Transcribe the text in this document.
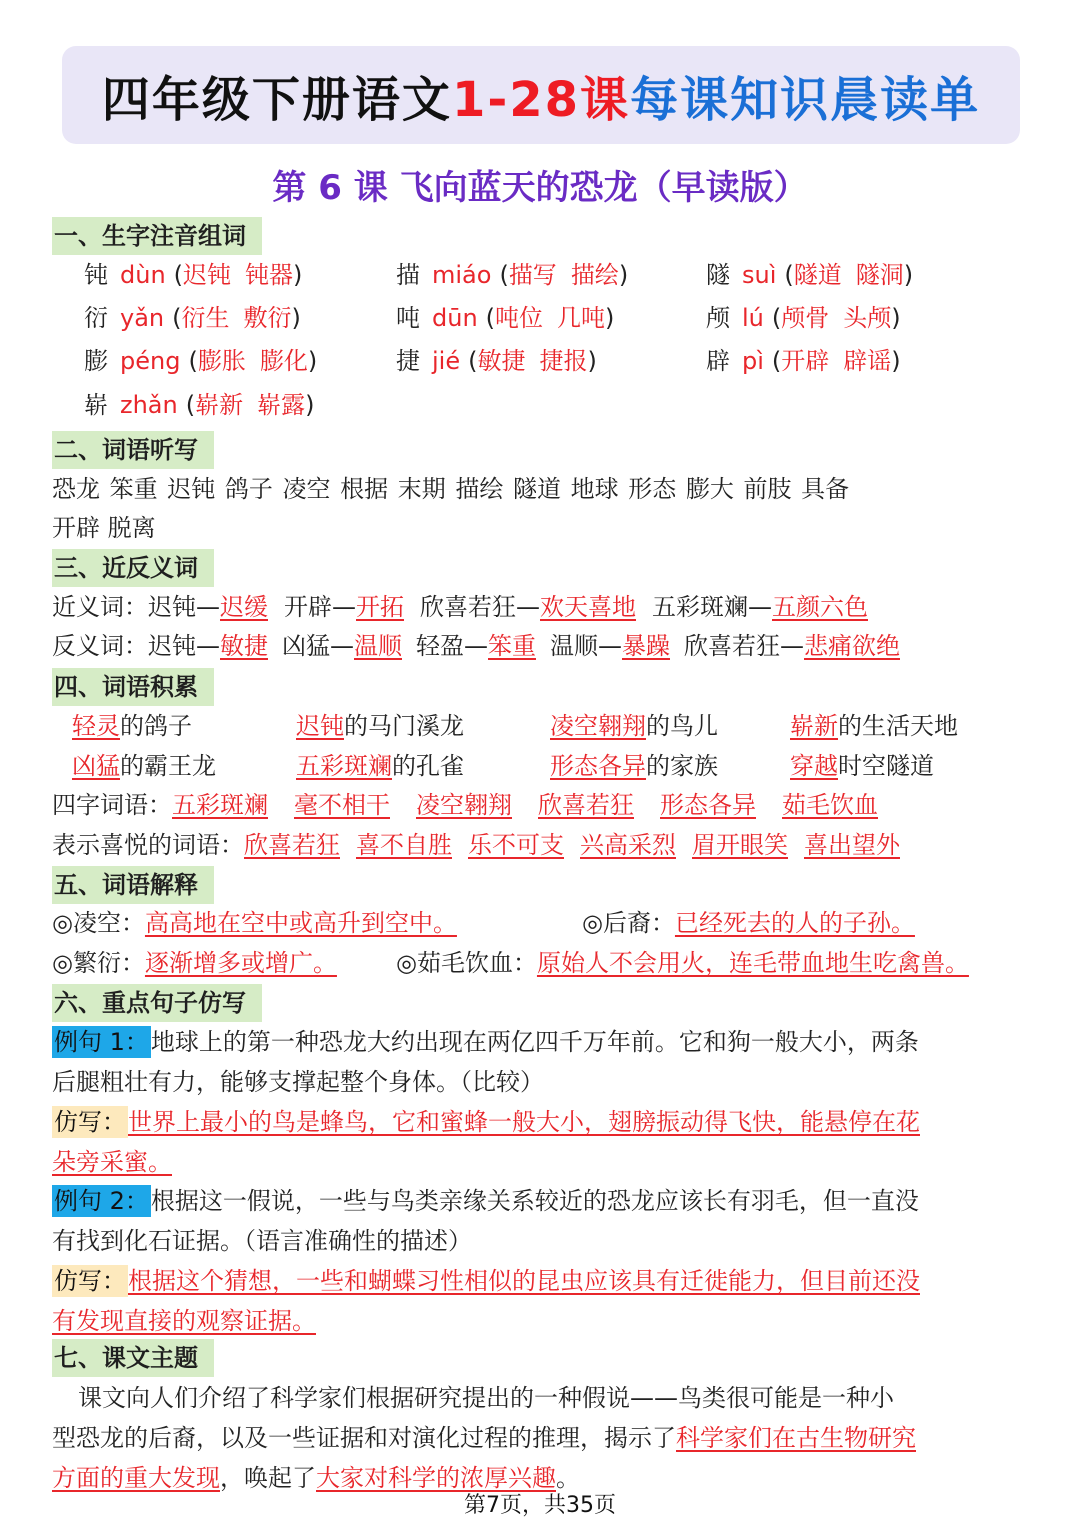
四年级下册语文 1-28课 每课知识晨读单
第 6 课 飞向蓝天的恐龙（早读版）
一、生字注音组词
钝 dùn (迟钝 钝器)	描 miáo (描写 描绘)	隧 suì (隧道 隧洞)
衍 yǎn (衍生 敷衍)	吨 dūn (吨位 几吨)	颅 lú (颅骨 头颅)
膨 péng (膨胀 膨化)	捷 jié (敏捷 捷报)	辟 pì (开辟 辟谣)
崭 zhǎn (崭新 崭露)
二、词语听写
恐龙 笨重 迟钝 鸽子 凌空 根据 末期 描绘 隧道 地球 形态 膨大 前肢 具备
开辟 脱离
三、近反义词
近义词：迟钝—迟缓 开辟—开拓 欣喜若狂—欢天喜地 五彩斑斓—五颜六色
反义词：迟钝—敏捷 凶猛—温顺 轻盈—笨重 温顺—暴躁 欣喜若狂—悲痛欲绝
四、词语积累
轻灵的鸽子	迟钝的马门溪龙	凌空翱翔的鸟儿	崭新的生活天地
凶猛的霸王龙	五彩斑斓的孔雀	形态各异的家族	穿越时空隧道
四字词语：五彩斑斓 毫不相干 凌空翱翔 欣喜若狂 形态各异 茹毛饮血
表示喜悦的词语：欣喜若狂 喜不自胜 乐不可支 兴高采烈 眉开眼笑 喜出望外
五、词语解释
◎凌空：高高地在空中或高升到空中。	◎后裔：已经死去的人的子孙。
◎繁衍：逐渐增多或增广。 ◎茹毛饮血：原始人不会用火，连毛带血地生吃禽兽。
六、重点句子仿写
例句 1：地球上的第一种恐龙大约出现在两亿四千万年前。它和狗一般大小，两条
后腿粗壮有力，能够支撑起整个身体。（比较）
仿写：世界上最小的鸟是蜂鸟，它和蜜蜂一般大小，翅膀振动得飞快，能悬停在花
朵旁采蜜。
例句 2：根据这一假说，一些与鸟类亲缘关系较近的恐龙应该长有羽毛，但一直没
有找到化石证据。（语言准确性的描述）
仿写：根据这个猜想，一些和蝴蝶习性相似的昆虫应该具有迁徙能力，但目前还没
有发现直接的观察证据。
七、课文主题
课文向人们介绍了科学家们根据研究提出的一种假说——鸟类很可能是一种小
型恐龙的后裔，以及一些证据和对演化过程的推理，揭示了科学家们在古生物研究
方面的重大发现，唤起了大家对科学的浓厚兴趣。
第7页，共35页
